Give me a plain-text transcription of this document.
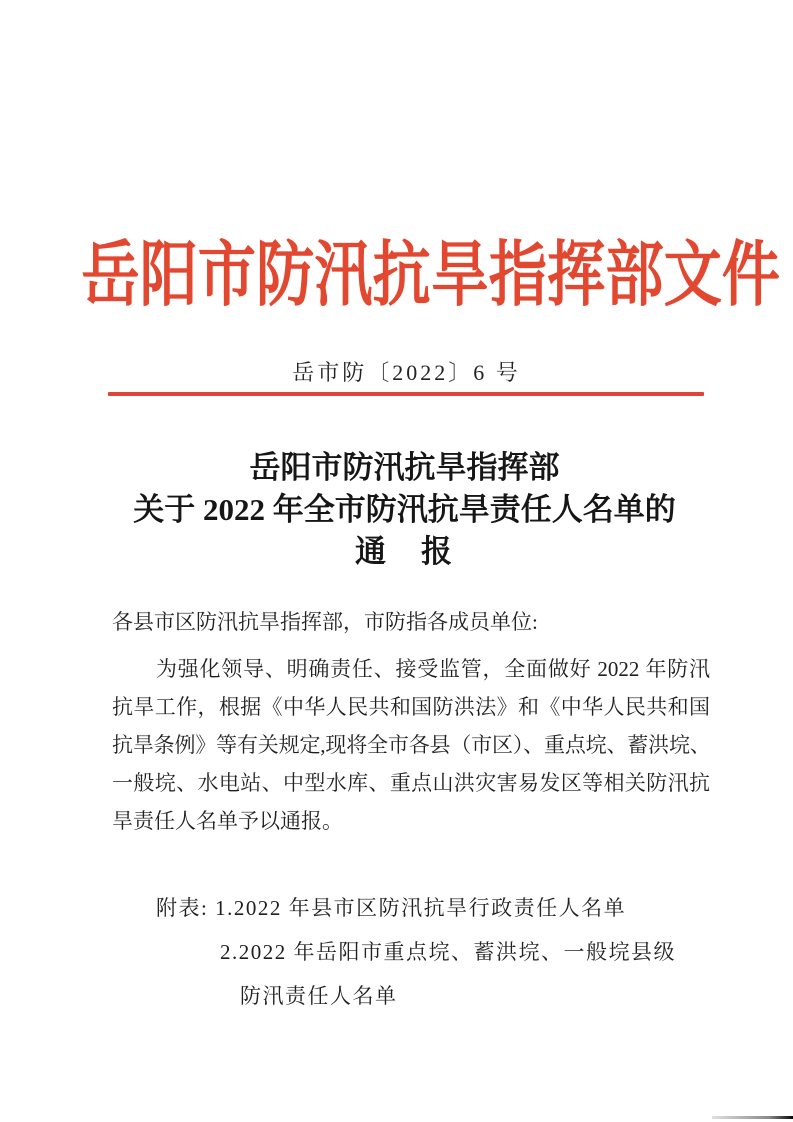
岳阳市防汛抗旱指挥部文件
岳市防〔2022〕6 号
岳阳市防汛抗旱指挥部
关于 2022 年全市防汛抗旱责任人名单的
通　报
各县市区防汛抗旱指挥部，市防指各成员单位:
为强化领导、明确责任、接受监管，全面做好 2022 年防汛
抗旱工作，根据《中华人民共和国防洪法》和《中华人民共和国
抗旱条例》等有关规定,现将全市各县（市区）、重点垸、蓄洪垸、
一般垸、水电站、中型水库、重点山洪灾害易发区等相关防汛抗
旱责任人名单予以通报。
附表: 1.2022 年县市区防汛抗旱行政责任人名单
2.2022 年岳阳市重点垸、蓄洪垸、一般垸县级
防汛责任人名单
